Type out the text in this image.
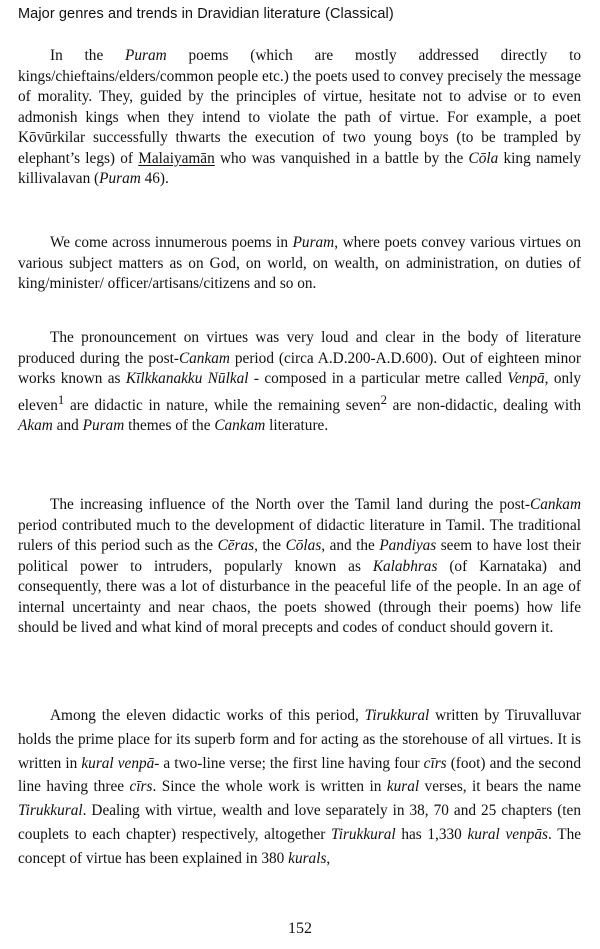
Major genres and trends in Dravidian literature (Classical)

In the Puram poems (which are mostly addressed directly to kings/chieftains/elders/common people etc.) the poets used to convey precisely the message of morality. They, guided by the principles of virtue, hesitate not to advise or to even admonish kings when they intend to violate the path of virtue. For example, a poet Kōvūrkilar successfully thwarts the execution of two young boys (to be trampled by elephant’s legs) of Malaiyamān who was vanquished in a battle by the Cōla king namely killivalavan (Puram 46).

We come across innumerous poems in Puram, where poets convey various virtues on various subject matters as on God, on world, on wealth, on administration, on duties of king/minister/ officer/artisans/citizens and so on.

The pronouncement on virtues was very loud and clear in the body of literature produced during the post-Cankam period (circa A.D.200-A.D.600). Out of eighteen minor works known as Kīlkkanakku Nūlkal - composed in a particular metre called Venpā, only eleven$^1$ are didactic in nature, while the remaining seven$^2$ are non-didactic, dealing with Akam and Puram themes of the Cankam literature.

The increasing influence of the North over the Tamil land during the post-Cankam period contributed much to the development of didactic literature in Tamil. The traditional rulers of this period such as the Cēras, the Cōlas, and the Pandiyas seem to have lost their political power to intruders, popularly known as Kalabhras (of Karnataka) and consequently, there was a lot of disturbance in the peaceful life of the people. In an age of internal uncertainty and near chaos, the poets showed (through their poems) how life should be lived and what kind of moral precepts and codes of conduct should govern it.

Among the eleven didactic works of this period, Tirukkural written by Tiruvalluvar holds the prime place for its superb form and for acting as the storehouse of all virtues. It is written in kural venpā- a two-line verse; the first line having four cīrs (foot) and the second line having three cīrs. Since the whole work is written in kural verses, it bears the name Tirukkural. Dealing with virtue, wealth and love separately in 38, 70 and 25 chapters (ten couplets to each chapter) respectively, altogether Tirukkural has 1,330 kural venpās. The concept of virtue has been explained in 380 kurals,

152
